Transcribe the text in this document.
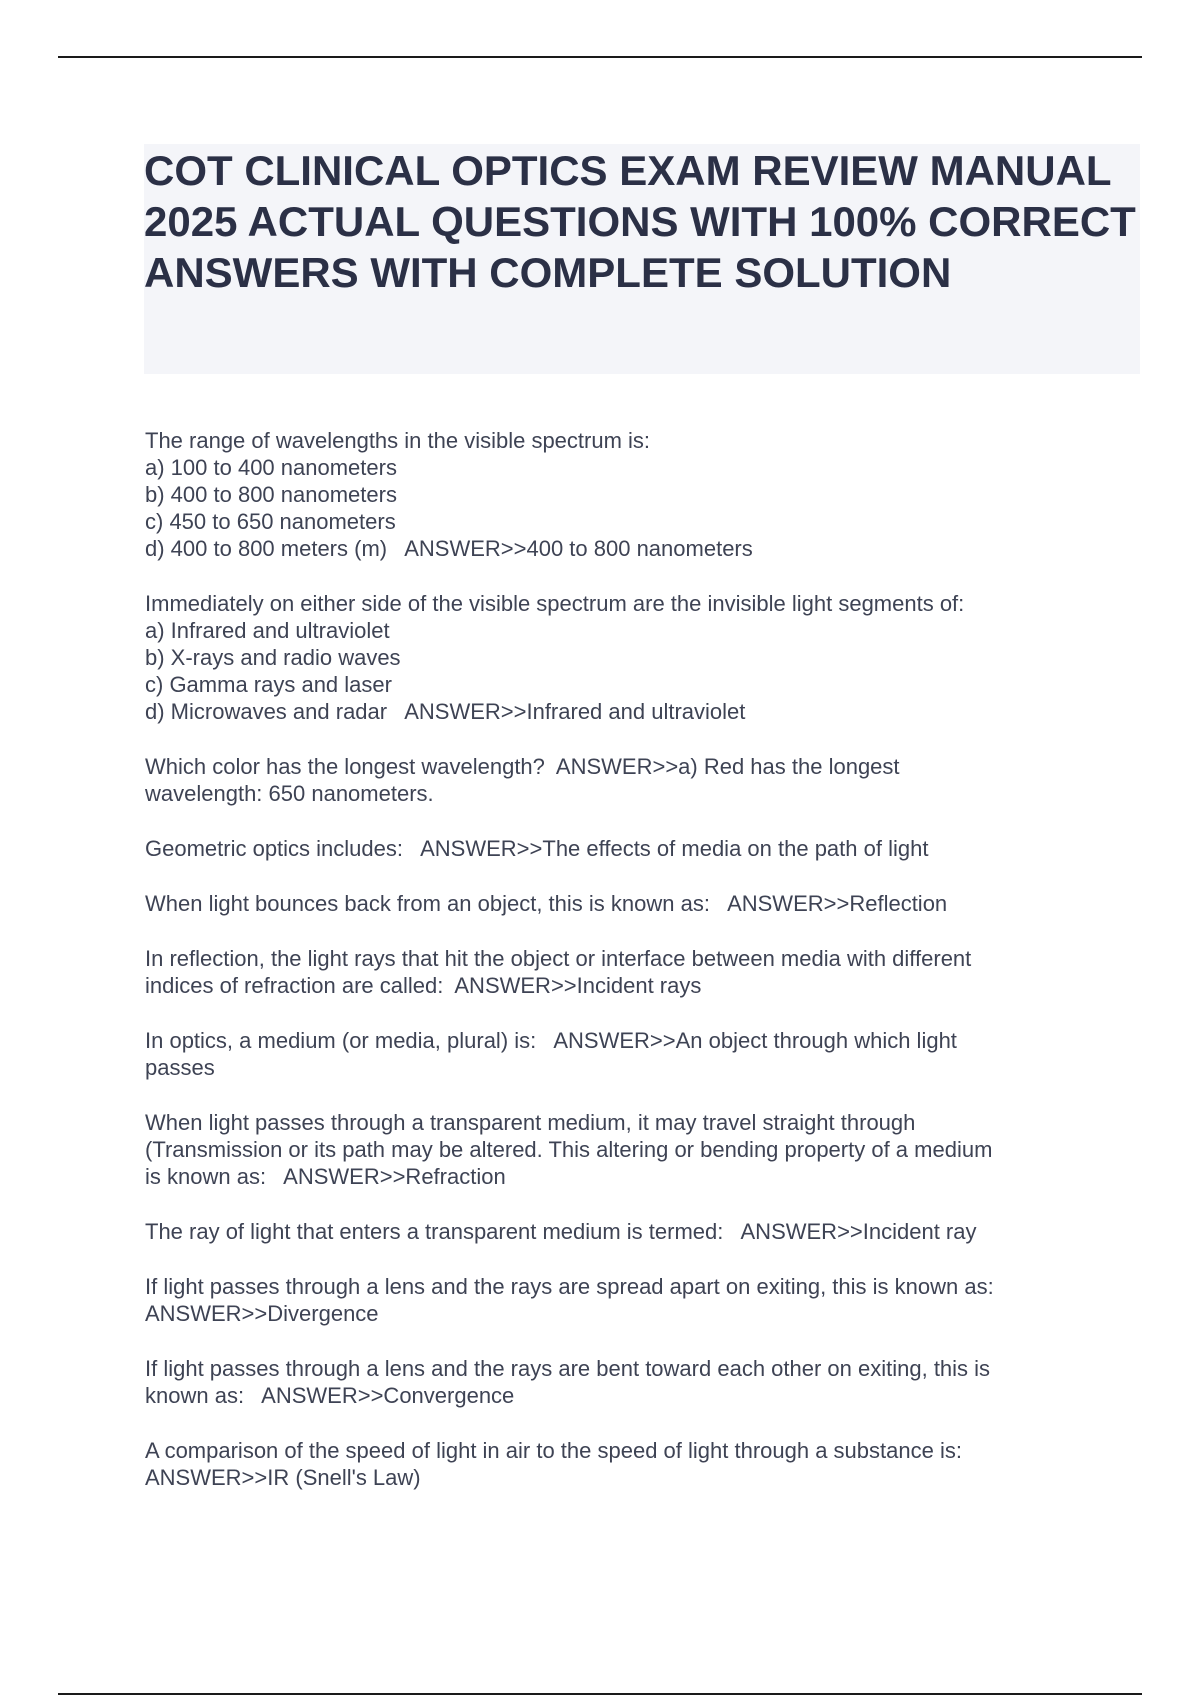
COT CLINICAL OPTICS EXAM REVIEW MANUAL 2025 ACTUAL QUESTIONS WITH 100% CORRECT ANSWERS WITH COMPLETE SOLUTION
The range of wavelengths in the visible spectrum is:
a) 100 to 400 nanometers
b) 400 to 800 nanometers
c) 450 to 650 nanometers
d) 400 to 800 meters (m)   ANSWER>>400 to 800 nanometers
Immediately on either side of the visible spectrum are the invisible light segments of:
a) Infrared and ultraviolet
b) X-rays and radio waves
c) Gamma rays and laser
d) Microwaves and radar   ANSWER>>Infrared and ultraviolet
Which color has the longest wavelength?  ANSWER>>a) Red has the longest
wavelength: 650 nanometers.
Geometric optics includes:   ANSWER>>The effects of media on the path of light
When light bounces back from an object, this is known as:   ANSWER>>Reflection
In reflection, the light rays that hit the object or interface between media with different
indices of refraction are called:  ANSWER>>Incident rays
In optics, a medium (or media, plural) is:   ANSWER>>An object through which light
passes
When light passes through a transparent medium, it may travel straight through
(Transmission or its path may be altered. This altering or bending property of a medium
is known as:   ANSWER>>Refraction
The ray of light that enters a transparent medium is termed:   ANSWER>>Incident ray
If light passes through a lens and the rays are spread apart on exiting, this is known as:
ANSWER>>Divergence
If light passes through a lens and the rays are bent toward each other on exiting, this is
known as:   ANSWER>>Convergence
A comparison of the speed of light in air to the speed of light through a substance is:
ANSWER>>IR (Snell's Law)
